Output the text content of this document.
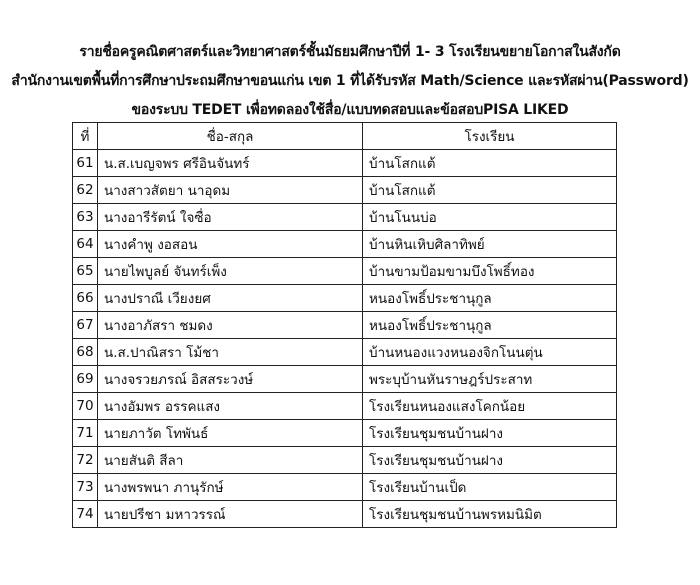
รายชื่อครูคณิตศาสตร์และวิทยาศาสตร์ชั้นมัธยมศึกษาปีที่ 1- 3 โรงเรียนขยายโอกาสในสังกัด
สำนักงานเขตพื้นที่การศึกษาประถมศึกษาขอนแก่น เขต 1 ที่ได้รับรหัส Math/Science และรหัสผ่าน(Password)
ของระบบ TEDET เพื่อทดลองใช้สื่อ/แบบทดสอบและข้อสอบPISA LIKED
ที่	ชื่อ-สกุล	โรงเรียน
61	น.ส.เบญจพร ศรีอินจันทร์	บ้านโสกแต้
62	นางสาวสัตยา นาอุดม	บ้านโสกแต้
63	นางอารีรัตน์ ใจซื่อ	บ้านโนนบ่อ
64	นางคำพู งอสอน	บ้านหินเหิบศิลาทิพย์
65	นายไพบูลย์ จันทร์เพ็ง	บ้านขามป้อมขามบึงโพธิ์ทอง
66	นางปราณี เวียงยศ	หนองโพธิ์ประชานุกูล
67	นางอาภัสรา ชมดง	หนองโพธิ์ประชานุกูล
68	น.ส.ปาณิสรา โม้ชา	บ้านหนองแวงหนองจิกโนนตุ่น
69	นางจรวยภรณ์ อิสสระวงษ์	พระบุบ้านหันราษฎร์ประสาท
70	นางอัมพร อรรคแสง	โรงเรียนหนองแสงโคกน้อย
71	นายภาวัต โทพันธ์	โรงเรียนชุมชนบ้านฝาง
72	นายสันติ สีลา	โรงเรียนชุมชนบ้านฝาง
73	นางพรพนา ภานุรักษ์	โรงเรียนบ้านเป็ด
74	นายปรีชา มหาวรรณ์	โรงเรียนชุมชนบ้านพรหมนิมิต
